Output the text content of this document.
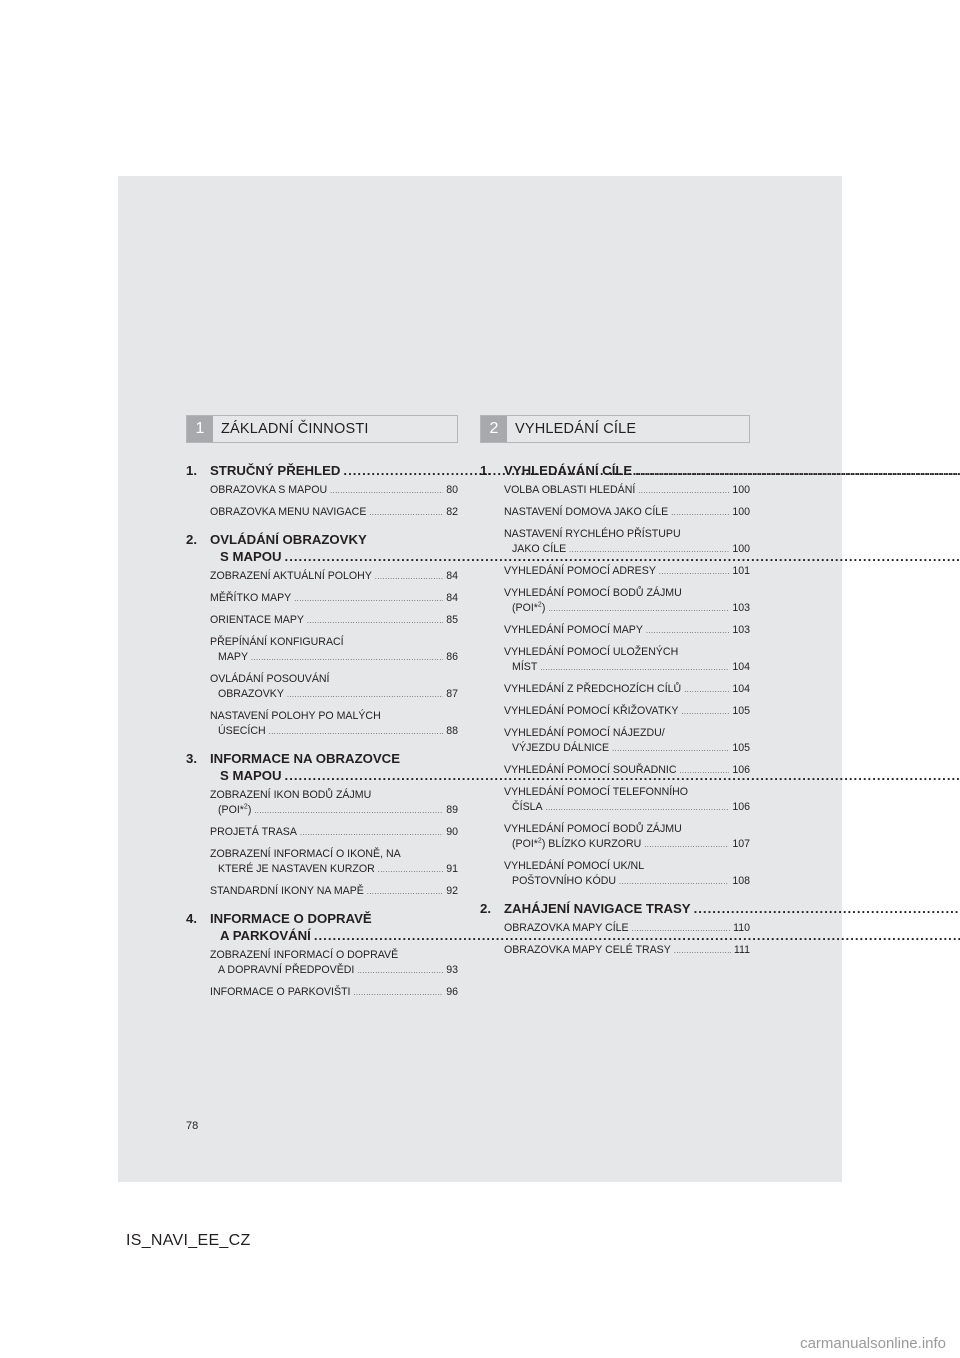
1	ZÁKLADNÍ ČINNOSTI
1. STRUČNÝ PŘEHLED
.....
OBRAZOVKA S MAPOU .....	80
OBRAZOVKA MENU NAVIGACE .....	82
2. OVLÁDÁNÍ OBRAZOVKY
S MAPOU
.....
ZOBRAZENÍ AKTUÁLNÍ POLOHY .....	84
MĚŘÍTKO MAPY .....	84
ORIENTACE MAPY .....	85
PŘEPÍNÁNÍ KONFIGURACÍ
MAPY .....	86
OVLÁDÁNÍ POSOUVÁNÍ
OBRAZOVKY .....	87
NASTAVENÍ POLOHY PO MALÝCH
ÚSECÍCH .....	88
3. INFORMACE NA OBRAZOVCE
S MAPOU
.....
ZOBRAZENÍ IKON BODŮ ZÁJMU
(POI*$^2$) .....	89
PROJETÁ TRASA .....	90
ZOBRAZENÍ INFORMACÍ O IKONĚ, NA
KTERÉ JE NASTAVEN KURZOR .....	91
STANDARDNÍ IKONY NA MAPĚ .....	92
4. INFORMACE O DOPRAVĚ
A PARKOVÁNÍ
.....
ZOBRAZENÍ INFORMACÍ O DOPRAVĚ
A DOPRAVNÍ PŘEDPOVĚDI .....	93
INFORMACE O PARKOVIŠTI .....	96
2	VYHLEDÁNÍ CÍLE
1. VYHLEDÁVÁNÍ CÍLE
.....
VOLBA OBLASTI HLEDÁNÍ .....	100
NASTAVENÍ DOMOVA JAKO CÍLE .....	100
NASTAVENÍ RYCHLÉHO PŘÍSTUPU
JAKO CÍLE .....	100
VYHLEDÁNÍ POMOCÍ ADRESY .....	101
VYHLEDÁNÍ POMOCÍ BODŮ ZÁJMU
(POI*$^2$) .....	103
VYHLEDÁNÍ POMOCÍ MAPY .....	103
VYHLEDÁNÍ POMOCÍ ULOŽENÝCH
MÍST .....	104
VYHLEDÁNÍ Z PŘEDCHOZÍCH CÍLŮ .....	104
VYHLEDÁNÍ POMOCÍ KŘIŽOVATKY .....	105
VYHLEDÁNÍ POMOCÍ NÁJEZDU/
VÝJEZDU DÁLNICE .....	105
VYHLEDÁNÍ POMOCÍ SOUŘADNIC .....	106
VYHLEDÁNÍ POMOCÍ TELEFONNÍHO
ČÍSLA .....	106
VYHLEDÁNÍ POMOCÍ BODŮ ZÁJMU
(POI*$^2$) BLÍZKO KURZORU .....	107
VYHLEDÁNÍ POMOCÍ UK/NL
POŠTOVNÍHO KÓDU .....	108
2. ZAHÁJENÍ NAVIGACE TRASY
.....
OBRAZOVKA MAPY CÍLE .....	110
OBRAZOVKA MAPY CELÉ TRASY .....	111
78
IS_NAVI_EE_CZ
carmanualsonline.info
